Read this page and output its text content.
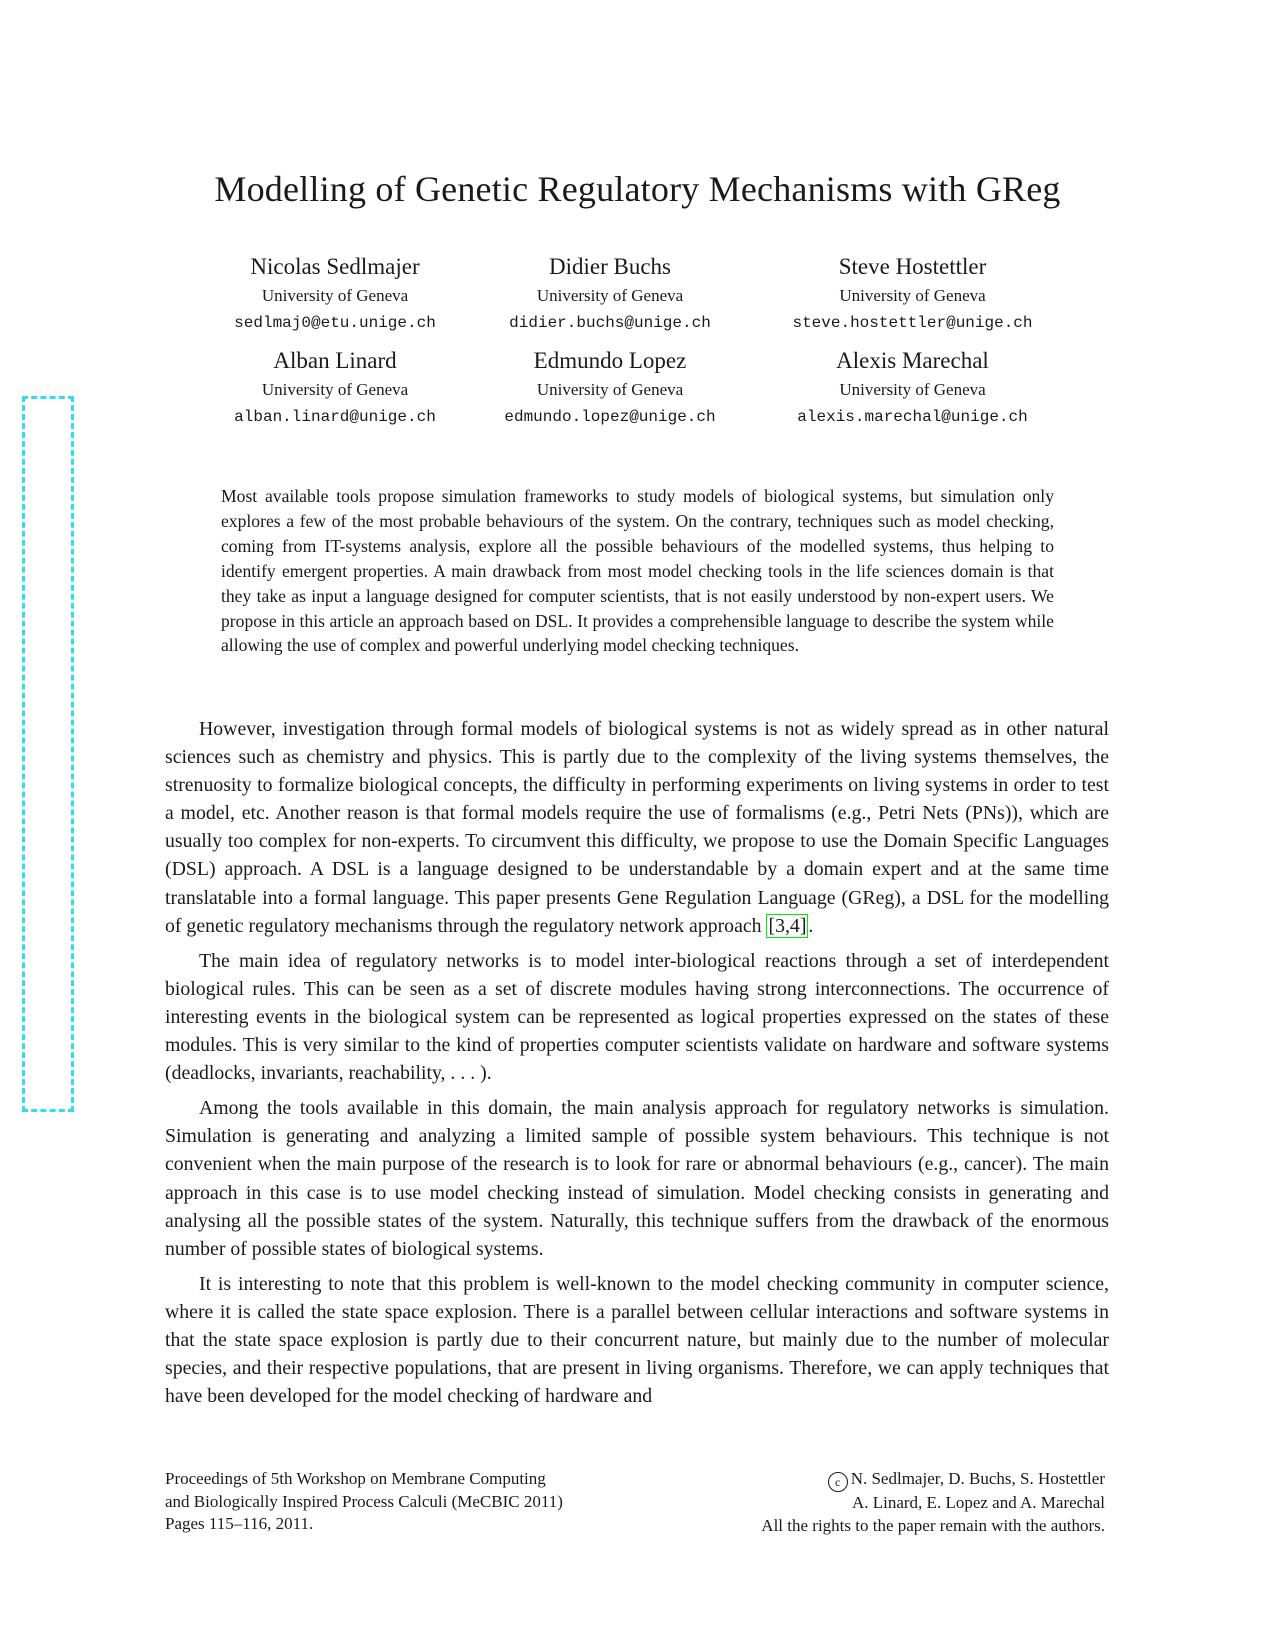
Modelling of Genetic Regulatory Mechanisms with GReg
Nicolas Sedlmajer
University of Geneva
sedlmaj0@etu.unige.ch
Didier Buchs
University of Geneva
didier.buchs@unige.ch
Steve Hostettler
University of Geneva
steve.hostettler@unige.ch
Alban Linard
University of Geneva
alban.linard@unige.ch
Edmundo Lopez
University of Geneva
edmundo.lopez@unige.ch
Alexis Marechal
University of Geneva
alexis.marechal@unige.ch

Most available tools propose simulation frameworks to study models of biological systems, but simulation only explores a few of the most probable behaviours of the system. On the contrary, techniques such as model checking, coming from IT-systems analysis, explore all the possible behaviours of the modelled systems, thus helping to identify emergent properties. A main drawback from most model checking tools in the life sciences domain is that they take as input a language designed for computer scientists, that is not easily understood by non-expert users. We propose in this article an approach based on DSL. It provides a comprehensible language to describe the system while allowing the use of complex and powerful underlying model checking techniques.

However, investigation through formal models of biological systems is not as widely spread as in other natural sciences such as chemistry and physics. This is partly due to the complexity of the living systems themselves, the strenuosity to formalize biological concepts, the difficulty in performing experiments on living systems in order to test a model, etc. Another reason is that formal models require the use of formalisms (e.g., Petri Nets (PNs)), which are usually too complex for non-experts. To circumvent this difficulty, we propose to use the Domain Specific Languages (DSL) approach. A DSL is a language designed to be understandable by a domain expert and at the same time translatable into a formal language. This paper presents Gene Regulation Language (GReg), a DSL for the modelling of genetic regulatory mechanisms through the regulatory network approach [3,4] .

The main idea of regulatory networks is to model inter-biological reactions through a set of interdependent biological rules. This can be seen as a set of discrete modules having strong interconnections. The occurrence of interesting events in the biological system can be represented as logical properties expressed on the states of these modules. This is very similar to the kind of properties computer scientists validate on hardware and software systems (deadlocks, invariants, reachability, . . . ).

Among the tools available in this domain, the main analysis approach for regulatory networks is simulation. Simulation is generating and analyzing a limited sample of possible system behaviours. This technique is not convenient when the main purpose of the research is to look for rare or abnormal behaviours (e.g., cancer). The main approach in this case is to use model checking instead of simulation. Model checking consists in generating and analysing all the possible states of the system. Naturally, this technique suffers from the drawback of the enormous number of possible states of biological systems.

It is interesting to note that this problem is well-known to the model checking community in computer science, where it is called the state space explosion. There is a parallel between cellular interactions and software systems in that the state space explosion is partly due to their concurrent nature, but mainly due to the number of molecular species, and their respective populations, that are present in living organisms. Therefore, we can apply techniques that have been developed for the model checking of hardware and

Proceedings of 5th Workshop on Membrane Computing
and Biologically Inspired Process Calculi (MeCBIC 2011)
Pages 115–116, 2011.
c N. Sedlmajer, D. Buchs, S. Hostettler
A. Linard, E. Lopez and A. Marechal
All the rights to the paper remain with the authors.
